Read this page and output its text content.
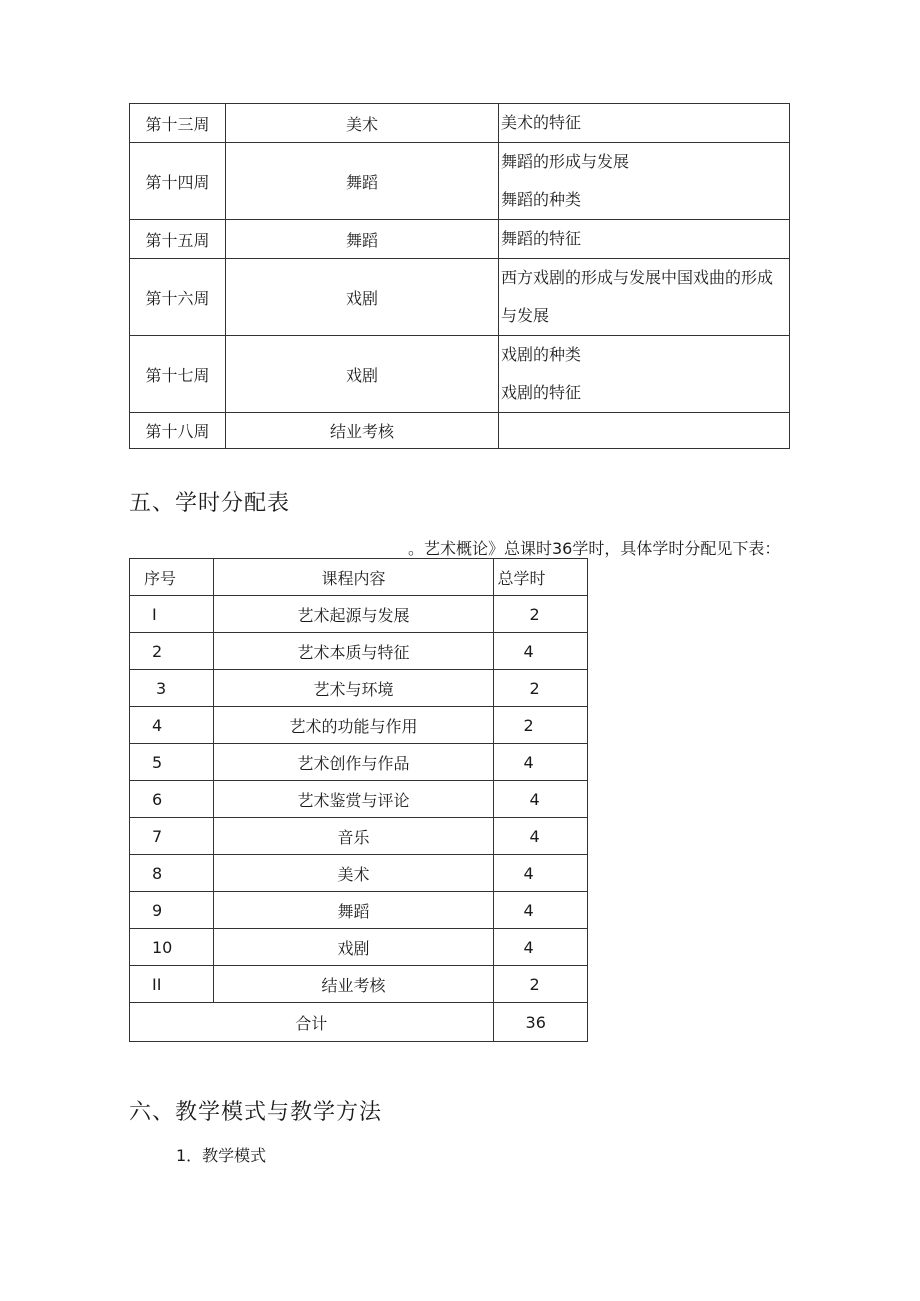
第十三周	美术	美术的特征

第十四周	舞蹈	舞蹈的形成与发展
舞蹈的种类

第十五周	舞蹈	舞蹈的特征

第十六周	戏剧	西方戏剧的形成与发展中国戏曲的形成
与发展

第十七周	戏剧	戏剧的种类
戏剧的特征

第十八周	结业考核	
五、学时分配表
。艺术概论》总课时36学时，具体学时分配见下表：
序号	课程内容	总学时
I	艺术起源与发展	2
2	艺术本质与特征	4
3	艺术与环境	2
4	艺术的功能与作用	2
5	艺术创作与作品	4
6	艺术鉴赏与评论	4
7	音乐	4
8	美术	4
9	舞蹈	4
10	戏剧	4
II	结业考核	2
合计		36
六、教学模式与教学方法
1．教学模式
